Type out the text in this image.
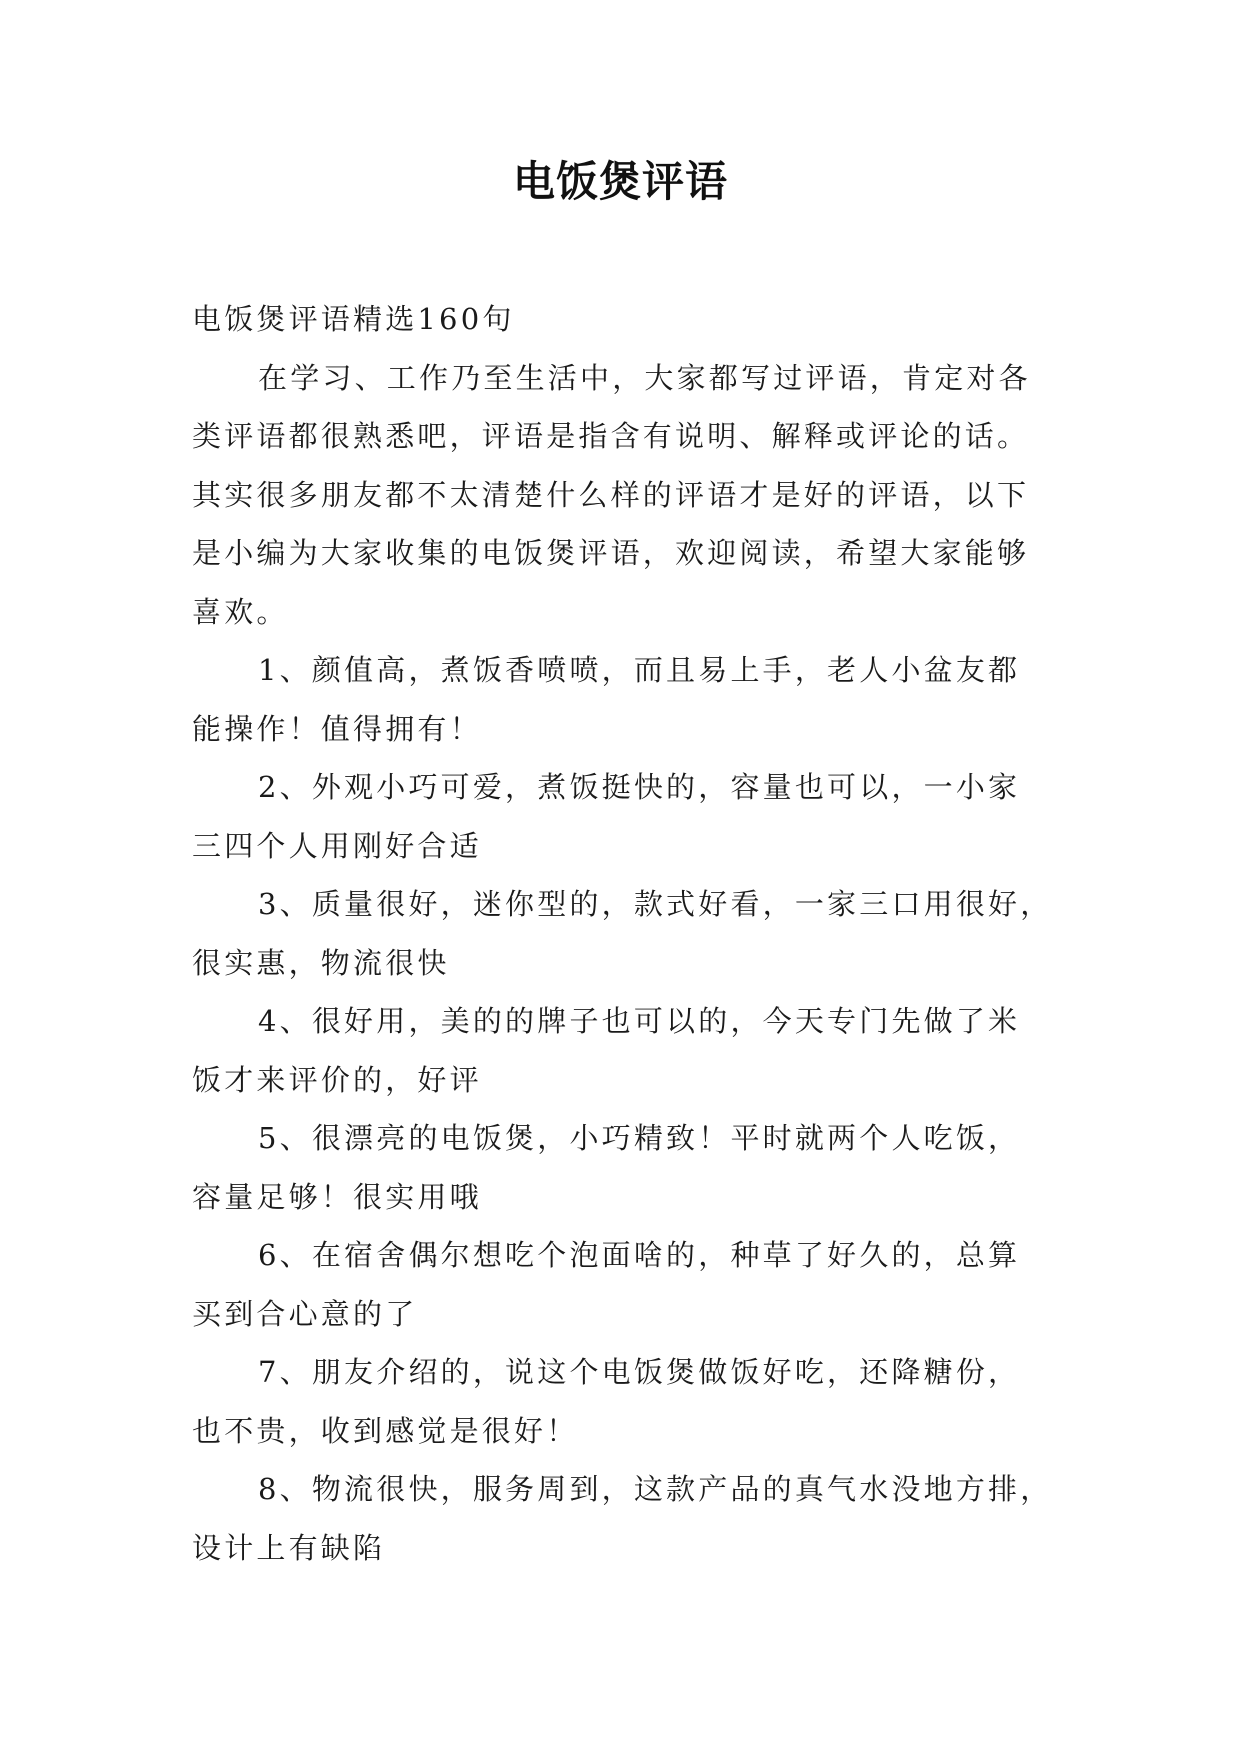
电饭煲评语
电饭煲评语精选160句
在学习、工作乃至生活中，大家都写过评语，肯定对各
类评语都很熟悉吧，评语是指含有说明、解释或评论的话。
其实很多朋友都不太清楚什么样的评语才是好的评语，以下
是小编为大家收集的电饭煲评语，欢迎阅读，希望大家能够
喜欢。
1、颜值高，煮饭香喷喷，而且易上手，老人小盆友都
能操作！值得拥有！
2、外观小巧可爱，煮饭挺快的，容量也可以，一小家
三四个人用刚好合适
3、质量很好，迷你型的，款式好看，一家三口用很好，
很实惠，物流很快
4、很好用，美的的牌子也可以的，今天专门先做了米
饭才来评价的，好评
5、很漂亮的电饭煲，小巧精致！平时就两个人吃饭，
容量足够！很实用哦
6、在宿舍偶尔想吃个泡面啥的，种草了好久的，总算
买到合心意的了
7、朋友介绍的，说这个电饭煲做饭好吃，还降糖份，
也不贵，收到感觉是很好！
8、物流很快，服务周到，这款产品的真气水没地方排，
设计上有缺陷
